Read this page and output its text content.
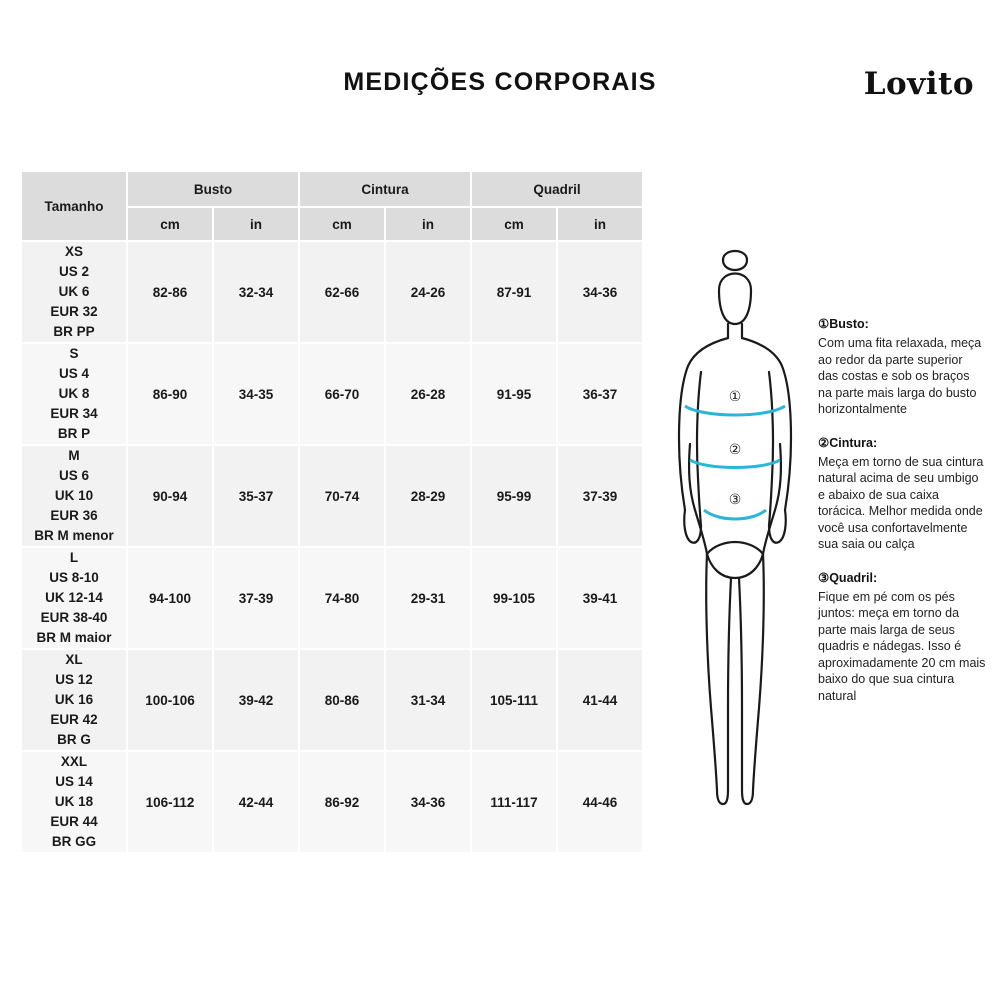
MEDIÇÕES CORPORAIS	Lovito
Tamanho	Busto		Cintura		Quadril	
	cm	in	cm	in	cm	in

XS
US 2
UK 6
EUR 32
BR PP	82-86	32-34	62-66	24-26	87-91	34-36

S
US 4
UK 8
EUR 34
BR P	86-90	34-35	66-70	26-28	91-95	36-37

M
US 6
UK 10
EUR 36
BR M menor	90-94	35-37	70-74	28-29	95-99	37-39

L
US 8-10
UK 12-14
EUR 38-40
BR M maior	94-100	37-39	74-80	29-31	99-105	39-41

XL
US 12
UK 16
EUR 42
BR G	100-106	39-42	80-86	31-34	105-111	41-44

XXL
US 14
UK 18
EUR 44
BR GG	106-112	42-44	86-92	34-36	111-117	44-46
①
②
③
①Busto:
Com uma fita relaxada, meça ao redor da parte superior das costas e sob os braços na parte mais larga do busto horizontalmente
②Cintura:
Meça em torno de sua cintura natural acima de seu umbigo e abaixo de sua caixa torácica. Melhor medida onde você usa confortavelmente sua saia ou calça
③Quadril:
Fique em pé com os pés juntos: meça em torno da parte mais larga de seus quadris e nádegas. Isso é aproximadamente 20 cm mais baixo do que sua cintura natural
